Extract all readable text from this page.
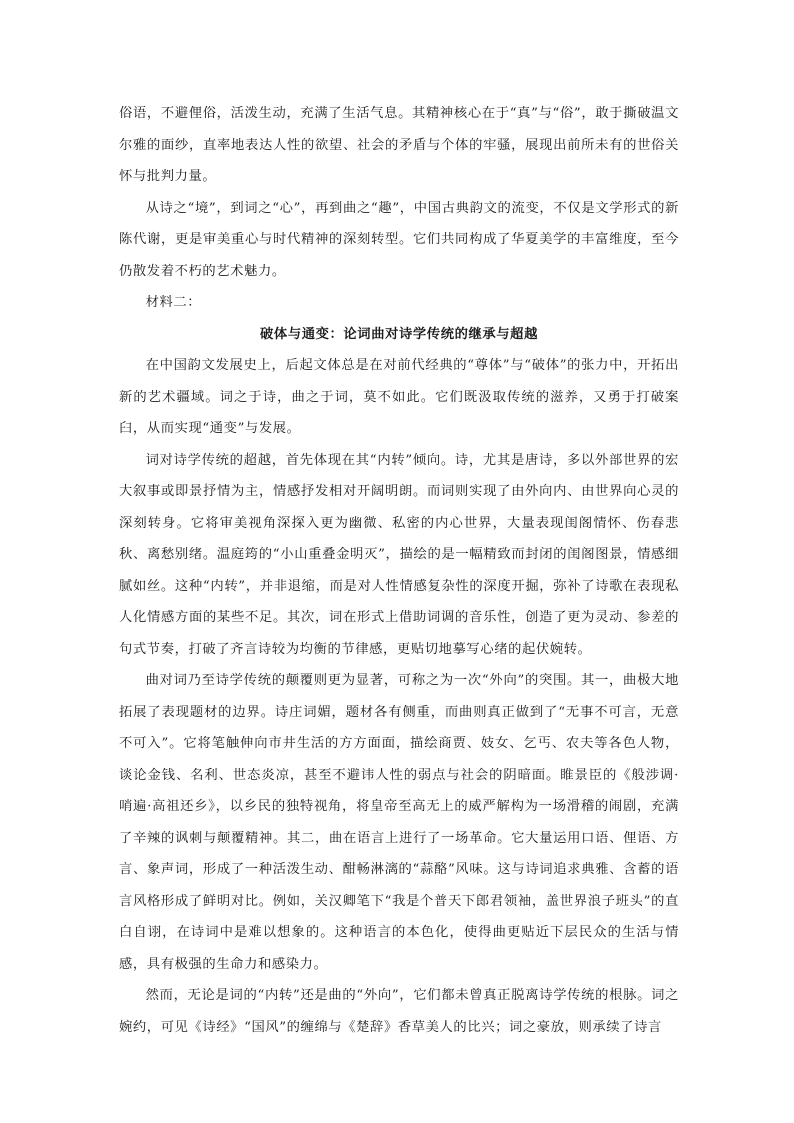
俗语，不避俚俗，活泼生动，充满了生活气息。其精神核心在于“真”与“俗”，敢于撕破温文尔雅的面纱，直率地表达人性的欲望、社会的矛盾与个体的牢骚，展现出前所未有的世俗关怀与批判力量。

从诗之“境”，到词之“心”，再到曲之“趣”，中国古典韵文的流变，不仅是文学形式的新陈代谢，更是审美重心与时代精神的深刻转型。它们共同构成了华夏美学的丰富维度，至今仍散发着不朽的艺术魅力。

材料二：

破体与通变：论词曲对诗学传统的继承与超越

在中国韵文发展史上，后起文体总是在对前代经典的“尊体”与“破体”的张力中，开拓出新的艺术疆域。词之于诗，曲之于词，莫不如此。它们既汲取传统的滋养，又勇于打破案臼，从而实现“通变”与发展。

词对诗学传统的超越，首先体现在其“内转”倾向。诗，尤其是唐诗，多以外部世界的宏大叙事或即景抒情为主，情感抒发相对开阔明朗。而词则实现了由外向内、由世界向心灵的深刻转身。它将审美视角深探入更为幽微、私密的内心世界，大量表现闺阁情怀、伤春悲秋、离愁别绪。温庭筠的“小山重叠金明灭”，描绘的是一幅精致而封闭的闺阁图景，情感细腻如丝。这种“内转”，并非退缩，而是对人性情感复杂性的深度开掘，弥补了诗歌在表现私人化情感方面的某些不足。其次，词在形式上借助词调的音乐性，创造了更为灵动、参差的句式节奏，打破了齐言诗较为均衡的节律感，更贴切地摹写心绪的起伏婉转。

曲对词乃至诗学传统的颠覆则更为显著，可称之为一次“外向”的突围。其一，曲极大地拓展了表现题材的边界。诗庄词媚，题材各有侧重，而曲则真正做到了“无事不可言，无意不可入”。它将笔触伸向市井生活的方方面面，描绘商贾、妓女、乞丐、农夫等各色人物，谈论金钱、名利、世态炎凉，甚至不避讳人性的弱点与社会的阴暗面。睢景臣的《般涉调·哨遍·高祖还乡》，以乡民的独特视角，将皇帝至高无上的威严解构为一场滑稽的闹剧，充满了辛辣的讽刺与颠覆精神。其二，曲在语言上进行了一场革命。它大量运用口语、俚语、方言、象声词，形成了一种活泼生动、酣畅淋漓的“蒜酪”风味。这与诗词追求典雅、含蓄的语言风格形成了鲜明对比。例如，关汉卿笔下“我是个普天下郎君领袖，盖世界浪子班头”的直白自诩，在诗词中是难以想象的。这种语言的本色化，使得曲更贴近下层民众的生活与情感，具有极强的生命力和感染力。

然而，无论是词的“内转”还是曲的“外向”，它们都未曾真正脱离诗学传统的根脉。词之婉约，可见《诗经》“国风”的缠绵与《楚辞》香草美人的比兴；词之豪放，则承续了诗言
